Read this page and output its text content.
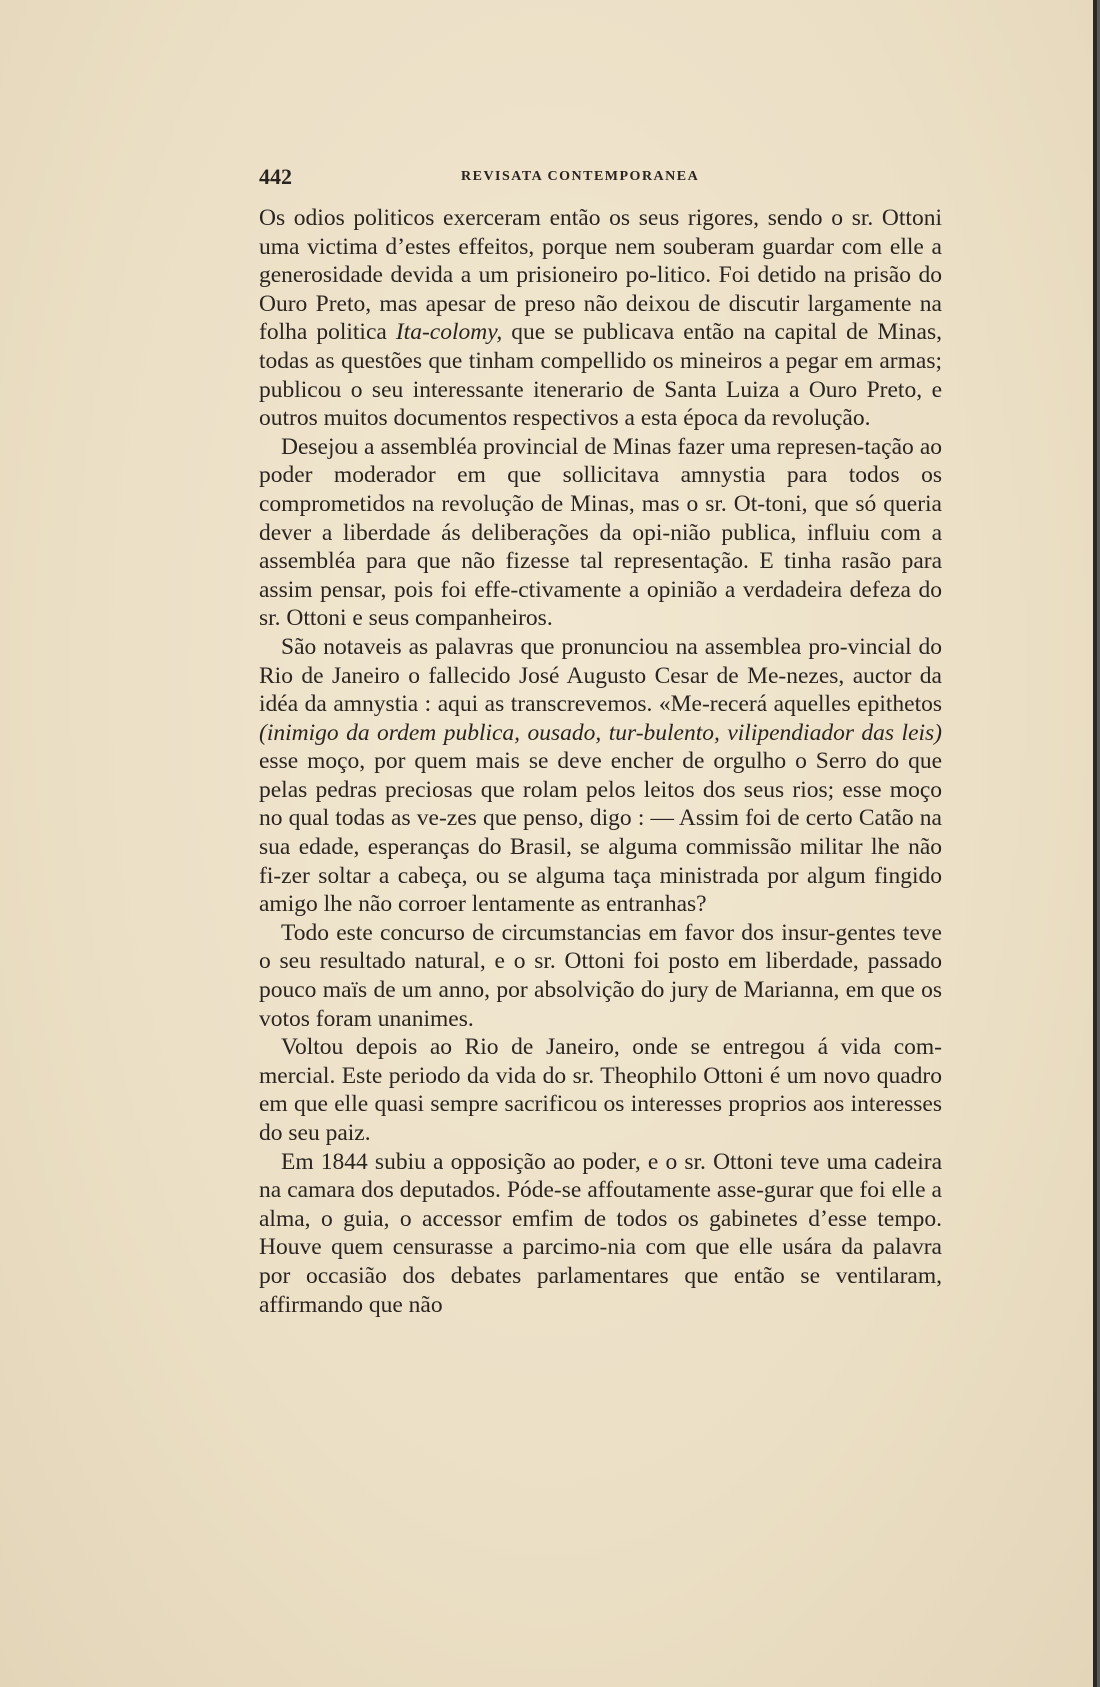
442	REVISATA CONTEMPORANEA

Os odios politicos exerceram então os seus rigores, sendo o sr. Ottoni uma victima d’estes effeitos, porque nem souberam guardar com elle a generosidade devida a um prisioneiro po-litico. Foi detido na prisão do Ouro Preto, mas apesar de preso não deixou de discutir largamente na folha politica Ita-colomy, que se publicava então na capital de Minas, todas as questões que tinham compellido os mineiros a pegar em armas; publicou o seu interessante itenerario de Santa Luiza a Ouro Preto, e outros muitos documentos respectivos a esta época da revolução.

Desejou a assembléa provincial de Minas fazer uma represen-tação ao poder moderador em que sollicitava amnystia para todos os comprometidos na revolução de Minas, mas o sr. Ot-toni, que só queria dever a liberdade ás deliberações da opi-nião publica, influiu com a assembléa para que não fizesse tal representação. E tinha rasão para assim pensar, pois foi effe-ctivamente a opinião a verdadeira defeza do sr. Ottoni e seus companheiros.

São notaveis as palavras que pronunciou na assemblea pro-vincial do Rio de Janeiro o fallecido José Augusto Cesar de Me-nezes, auctor da idéa da amnystia : aqui as transcrevemos. «Me-recerá aquelles epithetos (inimigo da ordem publica, ousado, tur-bulento, vilipendiador das leis) esse moço, por quem mais se deve encher de orgulho o Serro do que pelas pedras preciosas que rolam pelos leitos dos seus rios; esse moço no qual todas as ve-zes que penso, digo : — Assim foi de certo Catão na sua edade, esperanças do Brasil, se alguma commissão militar lhe não fi-zer soltar a cabeça, ou se alguma taça ministrada por algum fingido amigo lhe não corroer lentamente as entranhas?

Todo este concurso de circumstancias em favor dos insur-gentes teve o seu resultado natural, e o sr. Ottoni foi posto em liberdade, passado pouco maïs de um anno, por absolvição do jury de Marianna, em que os votos foram unanimes.

Voltou depois ao Rio de Janeiro, onde se entregou á vida com-mercial. Este periodo da vida do sr. Theophilo Ottoni é um novo quadro em que elle quasi sempre sacrificou os interesses proprios aos interesses do seu paiz.

Em 1844 subiu a opposição ao poder, e o sr. Ottoni teve uma cadeira na camara dos deputados. Póde-se affoutamente asse-gurar que foi elle a alma, o guia, o accessor emfim de todos os gabinetes d’esse tempo. Houve quem censurasse a parcimo-nia com que elle usára da palavra por occasião dos debates parlamentares que então se ventilaram, affirmando que não
